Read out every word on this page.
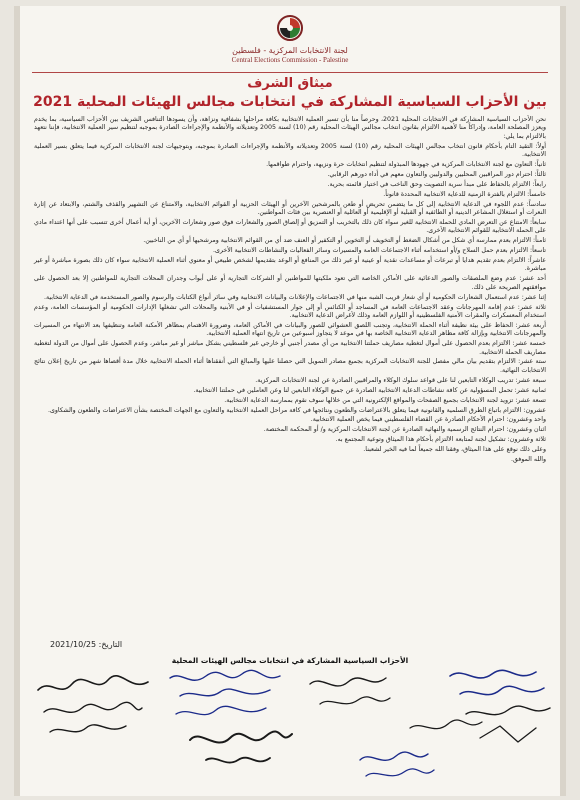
لجنة الانتخابات المركزية - فلسطين
Central Elections Commission - Palestine
ميثاق الشرف
بين الأحزاب السياسية المشاركة في انتخابات مجالس الهيئات المحلية 2021

نحن الأحزاب السياسية المشاركة في الانتخابات المحلية 2021، وحرصاً منا بأن تسير العملية الانتخابية بكافة مراحلها بشفافية ونزاهة، وأن يسودها التنافس الشريف بين الأحزاب السياسية، بما يخدم ويعزز المصلحة العامة، وإدراكاً منا لأهمية الالتزام بقانون انتخاب مجالس الهيئات المحلية رقم (10) لسنة 2005 وتعديلاته والأنظمة والإجراءات الصادرة بموجبه لتنظيم سير العملية الانتخابية، فإننا نتعهد بالالتزام بما يلي:

أولاً: التقيد التام بأحكام قانون انتخاب مجالس الهيئات المحلية رقم (10) لسنة 2005 وتعديلاته والأنظمة والإجراءات الصادرة بموجبه، وبتوجيهات لجنة الانتخابات المركزية فيما يتعلق بسير العملية الانتخابية.

ثانياً: التعاون مع لجنة الانتخابات المركزية في جهودها المبذولة لتنظيم انتخابات حرة ونزيهة، واحترام طواقمها.

ثالثاً: احترام دور المراقبين المحليين والدوليين والتعاون معهم في أداء دورهم الرقابي.

رابعاً: الالتزام بالحفاظ على مبدأ سرية التصويت وحق الناخب في اختيار قائمته بحرية.

خامساً: الالتزام بالفترة الزمنية للدعاية الانتخابية المحددة قانوناً.

سادساً: عدم اللجوء في الدعاية الانتخابية إلى كل ما يتضمن تحريض أو طعن بالمرشحين الآخرين أو الهيئات الحزبية أو القوائم الانتخابية، والامتناع عن التشهير والقذف والشتم، والابتعاد عن إثارة النعرات أو استغلال المشاعر الدينية أو الطائفية أو القبلية أو الإقليمية أو العائلية أو العنصرية بين فئات المواطنين.

سابعاً: الامتناع عن التعرض المادي للحملة الانتخابية للغير سواء كان ذلك بالتخريب أو التمزيق أو إلصاق الصور والشعارات فوق صور وشعارات الآخرين، أو أية أعمال أخرى تتسبب على أنها اعتداء مادي على الحملة الانتخابية للقوائم الانتخابية الأخرى.

ثامناً: الالتزام بعدم ممارسة أي شكل من أشكال الضغط أو التخويف أو التخوين أو التكفير أو العنف ضد أي من القوائم الانتخابية ومرشحيها أو أي من الناخبين.

تاسعاً: الالتزام بعدم حمل السلاح و/أو استخدامه أثناء الاجتماعات العامة والمسيرات وسائر الفعاليات والنشاطات الانتخابية الأخرى.

عاشراً: الالتزام بعدم تقديم هدايا أو تبرعات أو مساعدات نقدية أو عينية أو غير ذلك من المنافع أو الوعد بتقديمها لشخص طبيعي أو معنوي أثناء العملية الانتخابية سواء كان ذلك بصورة مباشرة أو غير مباشرة.

أحد عشر: عدم وضع الملصقات والصور الدعائية على الأماكن الخاصة التي تعود ملكيتها للمواطنين أو الشركات التجارية أو على أبواب وجدران المحلات التجارية للمواطنين إلا بعد الحصول على موافقتهم الصريحة على ذلك.

إثنا عشر: عدم استعمال الشعارات الحكومية أو أي شعار قريب الشبه منها في الاجتماعات والإعلانات والبيانات الانتخابية وفي سائر أنواع الكتابات والرسوم والصور المستخدمة في الدعاية الانتخابية.

ثلاثة عشر: عدم إقامة المهرجانات وعقد الاجتماعات العامة في المساجد أو الكنائس أو إلى جوار المستشفيات أو في الأبنية والمحلات التي تشغلها الإدارات الحكومية أو المؤسسات العامة، وعدم استخدام المعسكرات والمقرات الأمنية الفلسطينية أو اللوازم العامة وذلك لأغراض الدعاية الانتخابية.

أربعة عشر: الحفاظ على بيئة نظيفة أثناء الحملة الانتخابية، وتجنب اللصق العشوائي للصور والبيانات في الأماكن العامة، وضرورة الاهتمام بمظاهر الأمكنة العامة وتنظيفها بعد الانتهاء من المسيرات والمهرجانات الانتخابية وبإزالة كافة مظاهر الدعاية الانتخابية الخاصة بها في موعد لا يتجاوز أسبوعين من تاريخ انتهاء العملية الانتخابية.

خمسة عشر: الالتزام بعدم الحصول على أموال لتغطية مصاريف حملتنا الانتخابية من أي مصدر أجنبي أو خارجي غير فلسطيني بشكل مباشر أو غير مباشر، وعدم الحصول على أموال من الدولة لتغطية مصاريف الحملة الانتخابية.

ستة عشر: الالتزام بتقديم بيان مالي مفصل للجنة الانتخابات المركزية بجميع مصادر التمويل التي حصلنا عليها والمبالغ التي أنفقناها أثناء الحملة الانتخابية خلال مدة أقصاها شهر من تاريخ إعلان نتائج الانتخابات النهائية.

سبعة عشر: تدريب الوكلاء التابعين لنا على قواعد سلوك الوكلاء والمراقبين الصادرة عن لجنة الانتخابات المركزية.

ثمانية عشر: تحمل المسؤولية عن كافة نشاطات الدعاية الانتخابية الصادرة عن جميع الوكلاء التابعين لنا وعن العاملين في حملتنا الانتخابية.

تسعة عشر: تزويد لجنة الانتخابات بجميع الصفحات والمواقع الإلكترونية التي من خلالها سوف نقوم بممارسة الدعاية الانتخابية.

عشرون: الالتزام باتباع الطرق السلمية والقانونية فيما يتعلق بالاعتراضات والطعون ونتائجها في كافة مراحل العملية الانتخابية والتعاون مع الجهات المختصة بشأن الاعتراضات والطعون والشكاوى.

واحد وعشرون: احترام الأحكام الصادرة عن القضاء الفلسطيني فيما يخص العملية الانتخابية.

اثنان وعشرون: احترام النتائج الرسمية والنهائية الصادرة عن لجنة الانتخابات المركزية و/ أو المحكمة المختصة.

ثلاثة وعشرون: تشكيل لجنة لمتابعة الالتزام بأحكام هذا الميثاق وتوعية المجتمع به.

وعلى ذلك نوقع على هذا الميثاق، وفقنا الله جميعاً لما فيه الخير لشعبنا.

والله الموفق.

التاريخ: 2021/10/25
الأحزاب السياسية المشاركة في انتخابات مجالس الهيئات المحلية
